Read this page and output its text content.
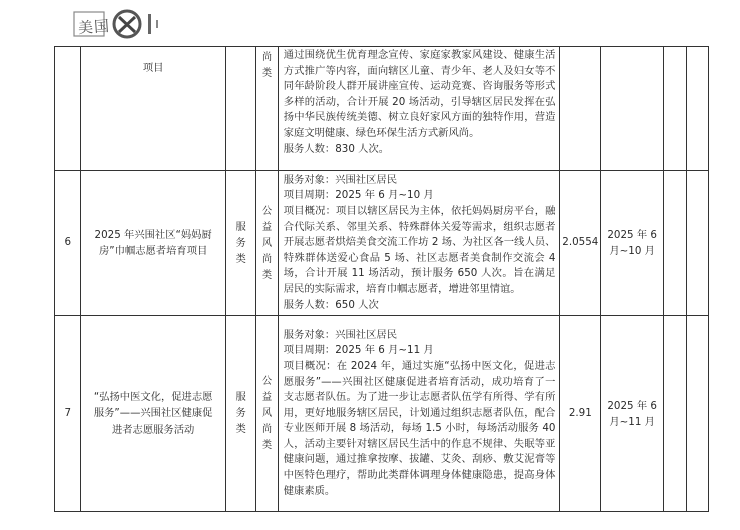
美国
	项目		尚类	通过围绕优生优育理念宣传、家庭家教家风建设、健康生活方式推广等内容，面向辖区儿童、青少年、老人及妇女等不同年龄阶段人群开展讲座宣传、运动竞赛、咨询服务等形式多样的活动，合计开展 20 场活动，引导辖区居民发挥在弘扬中华民族传统美德、树立良好家风方面的独特作用，营造家庭文明健康、绿色环保生活方式新风尚。

服务人数：830 人次。				

6	2025 年兴围社区“妈妈厨房”巾帼志愿者培育项目	服务类	公益风尚类	服务对象：兴围社区居民

项目周期：2025 年 6 月~10 月

项目概况：项目以辖区居民为主体，依托妈妈厨房平台，融合代际关系、邻里关系、特殊群体关爱等需求，组织志愿者开展志愿者烘焙美食交流工作坊 2 场、为社区各一线人员、特殊群体送爱心食品 5 场、社区志愿者美食制作交流会 4 场，合计开展 11 场活动，预计服务 650 人次。旨在满足居民的实际需求，培育巾帼志愿者，增进邻里情谊。

服务人数：650 人次	2.0554	2025 年 6月~10 月		

7	“弘扬中医文化，促进志愿服务”——兴围社区健康促进者志愿服务活动	服务类	公益风尚类	服务对象：兴围社区居民

项目周期：2025 年 6 月~11 月

项目概况：在 2024 年，通过实施“弘扬中医文化，促进志愿服务”——兴围社区健康促进者培育活动，成功培育了一支志愿者队伍。为了进一步让志愿者队伍学有所得、学有所用，更好地服务辖区居民，计划通过组织志愿者队伍，配合专业医师开展 8 场活动，每场 1.5 小时，每场活动服务 40 人，活动主要针对辖区居民生活中的作息不规律、失眠等亚健康问题，通过推拿按摩、拔罐、艾灸、刮痧、敷艾泥膏等中医特色理疗，帮助此类群体调理身体健康隐患，提高身体健康素质。	2.91	2025 年 6月~11 月		
